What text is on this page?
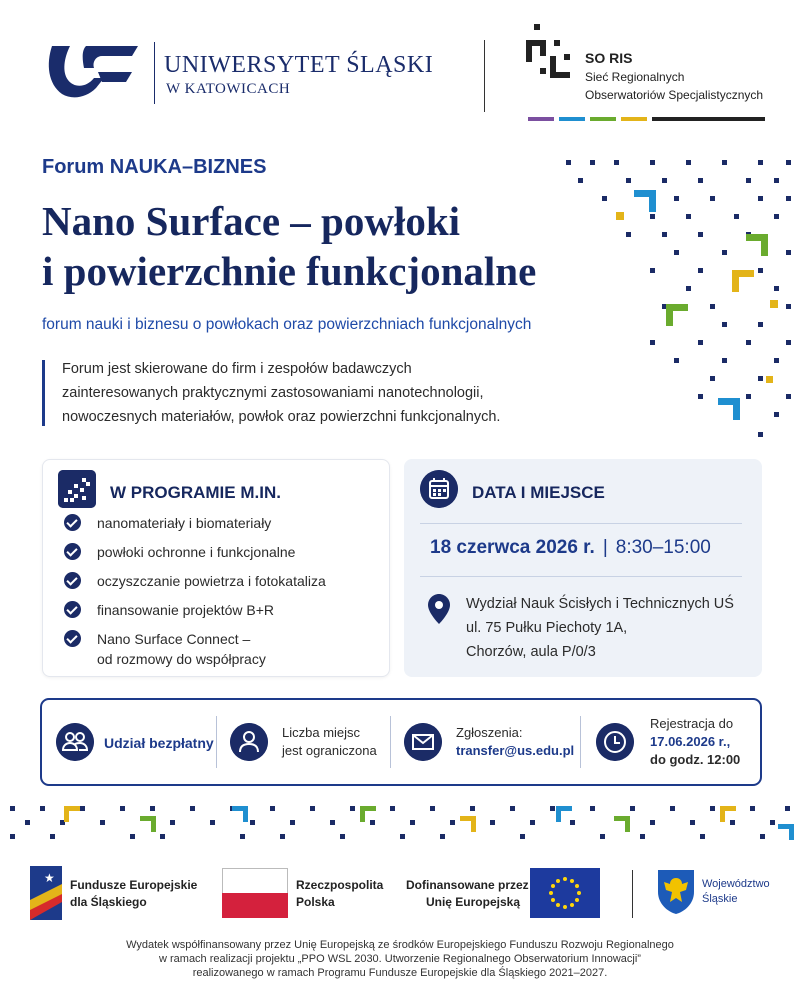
UNIWERSYTET ŚLĄSKI
W KATOWICACH
SO RIS
Sieć Regionalnych
Obserwatoriów Specjalistycznych
Forum NAUKA–BIZNES
Nano Surface – powłoki
i powierzchnie funkcjonalne
forum nauki i biznesu o powłokach oraz powierzchniach funkcjonalnych
Forum jest skierowane do firm i zespołów badawczych
zainteresowanych praktycznymi zastosowaniami nanotechnologii,
nowoczesnych materiałów, powłok oraz powierzchni funkcjonalnych.
W PROGRAMIE M.IN.
nanomateriały i biomateriały
powłoki ochronne i funkcjonalne
oczyszczanie powietrza i fotokataliza
finansowanie projektów B+R
Nano Surface Connect –
od rozmowy do współpracy
DATA I MIEJSCE
18 czerwca 2026 r. | 8:30–15:00
Wydział Nauk Ścisłych i Technicznych UŚ
ul. 75 Pułku Piechoty 1A,
Chorzów, aula P/0/3
Udział bezpłatny
Liczba miejsc
jest ograniczona
Zgłoszenia:
transfer@us.edu.pl
Rejestracja do
17.06.2026 r.,
do godz. 12:00
★ Fundusze Europejskie
dla Śląskiego
Rzeczpospolita
Polska
Dofinansowane przez
Unię Europejską
Województwo
Śląskie
Wydatek współfinansowany przez Unię Europejską ze środków Europejskiego Funduszu Rozwoju Regionalnego
w ramach realizacji projektu „PPO WSL 2030. Utworzenie Regionalnego Obserwatorium Innowacji”
realizowanego w ramach Programu Fundusze Europejskie dla Śląskiego 2021–2027.
